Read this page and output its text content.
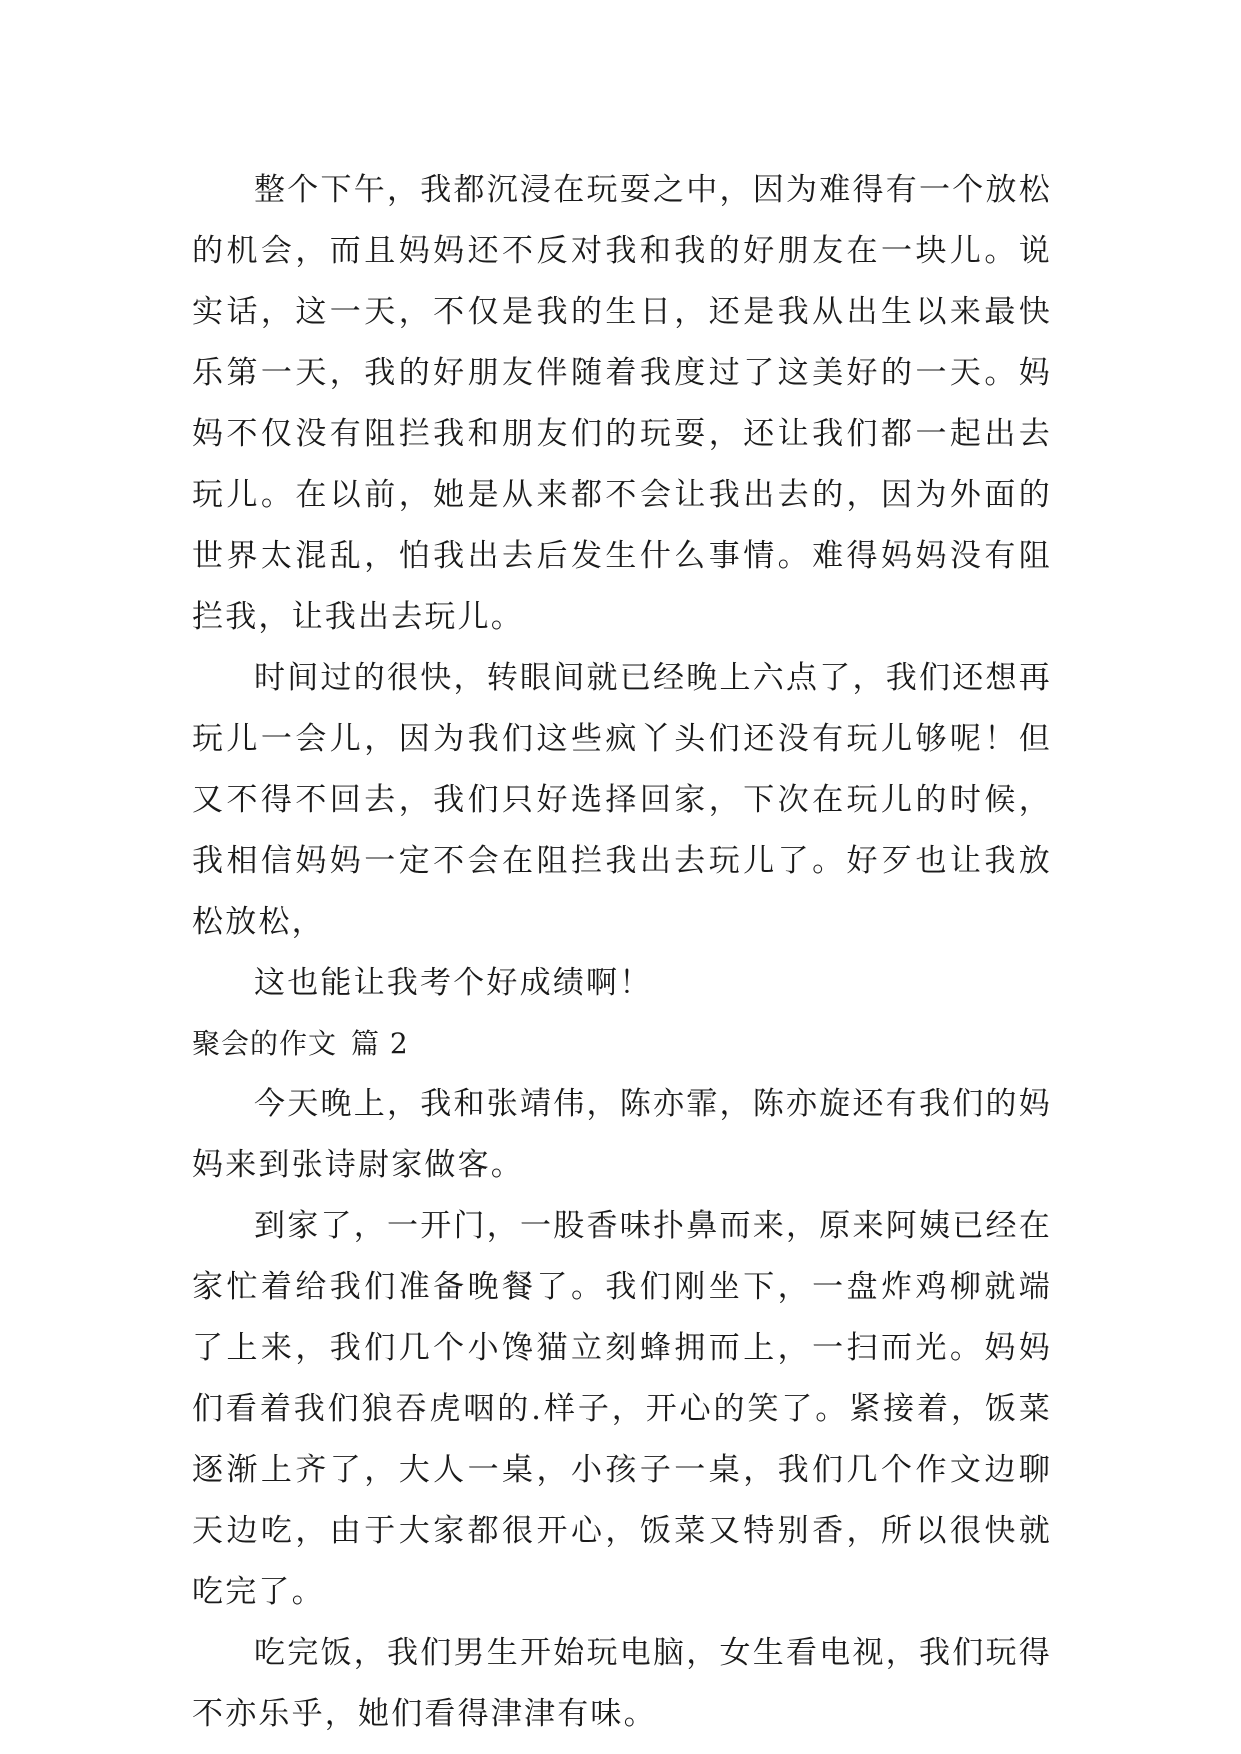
整个下午，我都沉浸在玩耍之中，因为难得有一个放松的机会，而且妈妈还不反对我和我的好朋友在一块儿。说实话，这一天，不仅是我的生日，还是我从出生以来最快乐第一天，我的好朋友伴随着我度过了这美好的一天。妈妈不仅没有阻拦我和朋友们的玩耍，还让我们都一起出去玩儿。在以前，她是从来都不会让我出去的，因为外面的世界太混乱，怕我出去后发生什么事情。难得妈妈没有阻拦我，让我出去玩儿。

时间过的很快，转眼间就已经晚上六点了，我们还想再玩儿一会儿，因为我们这些疯丫头们还没有玩儿够呢！但又不得不回去，我们只好选择回家，下次在玩儿的时候，我相信妈妈一定不会在阻拦我出去玩儿了。好歹也让我放松放松，

这也能让我考个好成绩啊！

聚会的作文 篇 2

今天晚上，我和张靖伟，陈亦霏，陈亦旋还有我们的妈妈来到张诗尉家做客。

到家了，一开门，一股香味扑鼻而来，原来阿姨已经在家忙着给我们准备晚餐了。我们刚坐下，一盘炸鸡柳就端了上来，我们几个小馋猫立刻蜂拥而上，一扫而光。妈妈们看着我们狼吞虎咽的.样子，开心的笑了。紧接着，饭菜逐渐上齐了，大人一桌，小孩子一桌，我们几个作文边聊天边吃，由于大家都很开心，饭菜又特别香，所以很快就吃完了。

吃完饭，我们男生开始玩电脑，女生看电视，我们玩得不亦乐乎，她们看得津津有味。
